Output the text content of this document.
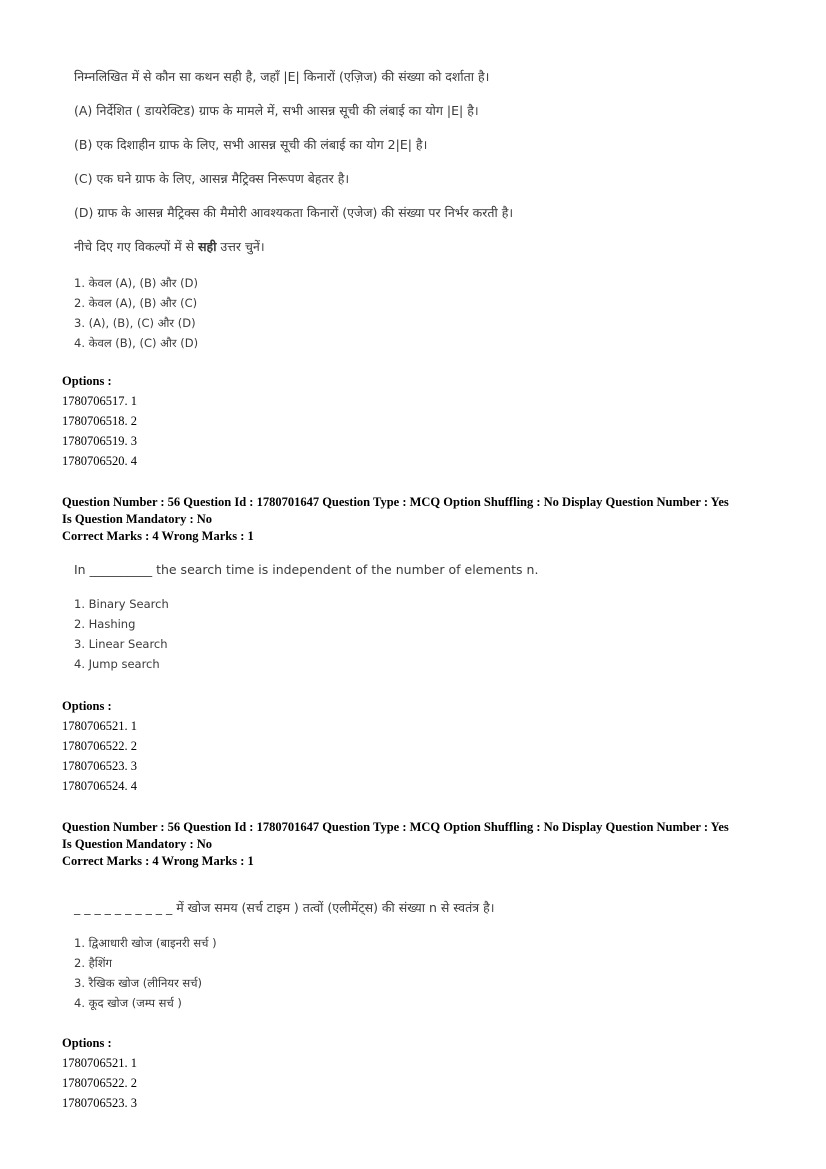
निम्नलिखित में से कौन सा कथन सही है, जहाँ |E| किनारों (एज़िज) की संख्या को दर्शाता है।
(A) निर्देशित ( डायरेक्टिड) ग्राफ के मामले में, सभी आसन्न सूची की लंबाई का योग |E| है।
(B) एक दिशाहीन ग्राफ के लिए, सभी आसन्न सूची की लंबाई का योग 2|E| है।
(C) एक घने ग्राफ के लिए, आसन्न मैट्रिक्स निरूपण बेहतर है।
(D) ग्राफ के आसन्न मैट्रिक्स की मैमोरी आवश्यकता किनारों (एजेज) की संख्या पर निर्भर करती है।
नीचे दिए गए विकल्पों में से सही उत्तर चुनें।
1. केवल (A), (B) और (D)
2. केवल (A), (B) और (C)
3. (A), (B), (C) और (D)
4. केवल (B), (C) और (D)
Options :
1780706517. 1
1780706518. 2
1780706519. 3
1780706520. 4
Question Number : 56 Question Id : 1780701647 Question Type : MCQ Option Shuffling : No Display Question Number : Yes
Is Question Mandatory : No
Correct Marks : 4 Wrong Marks : 1
In __________ the search time is independent of the number of elements n.
1. Binary Search
2. Hashing
3. Linear Search
4. Jump search
Options :
1780706521. 1
1780706522. 2
1780706523. 3
1780706524. 4
Question Number : 56 Question Id : 1780701647 Question Type : MCQ Option Shuffling : No Display Question Number : Yes
Is Question Mandatory : No
Correct Marks : 4 Wrong Marks : 1
_ _ _ _ _ _ _ _ _ _ में खोज समय (सर्च टाइम ) तत्वों (एलीमेंट्स) की संख्या n से स्वतंत्र है।
1. द्विआधारी खोज (बाइनरी सर्च )
2. हैशिंग
3. रैखिक खोज (लीनियर सर्च)
4. कूद खोज (जम्प सर्च )
Options :
1780706521. 1
1780706522. 2
1780706523. 3
